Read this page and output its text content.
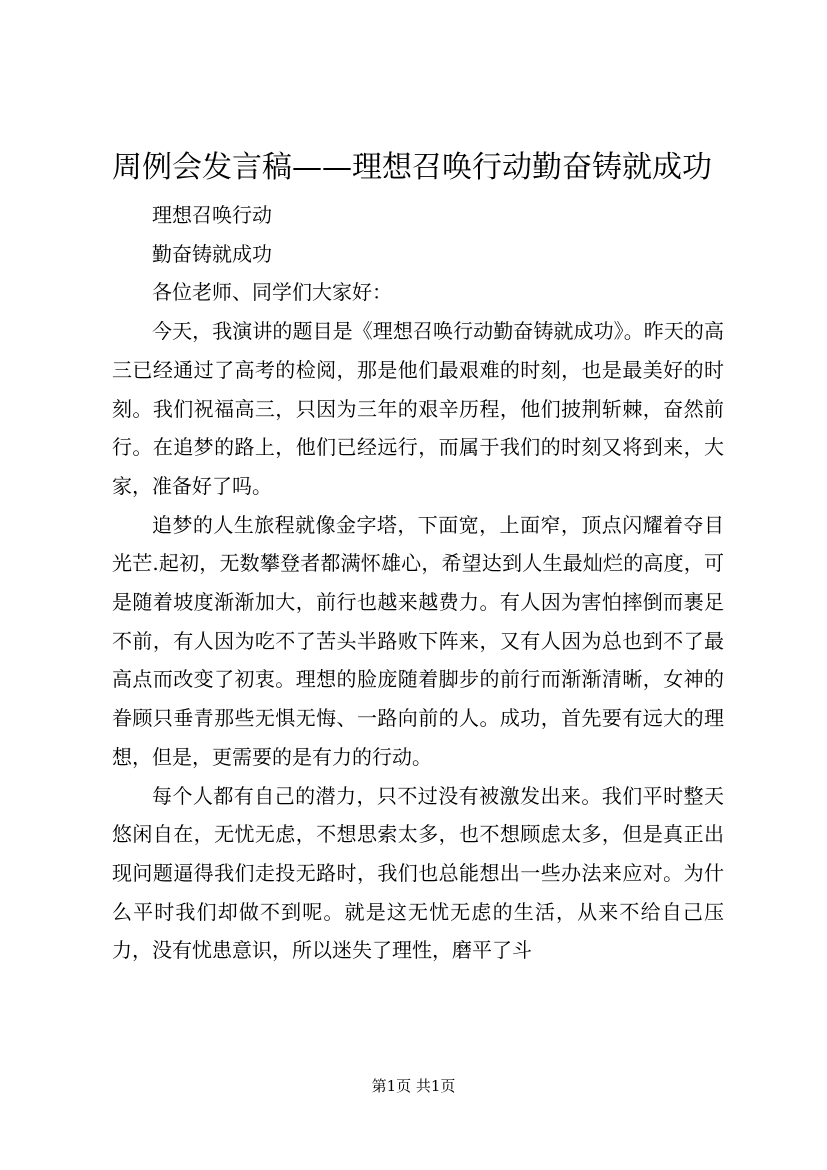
周例会发言稿——理想召唤行动勤奋铸就成功

理想召唤行动

勤奋铸就成功

各位老师、同学们大家好：

今天，我演讲的题目是《理想召唤行动勤奋铸就成功》。昨天的高三已经通过了高考的检阅，那是他们最艰难的时刻，也是最美好的时刻。我们祝福高三，只因为三年的艰辛历程，他们披荆斩棘，奋然前行。在追梦的路上，他们已经远行，而属于我们的时刻又将到来，大家，准备好了吗。

追梦的人生旅程就像金字塔，下面宽，上面窄，顶点闪耀着夺目光芒.起初，无数攀登者都满怀雄心，希望达到人生最灿烂的高度，可是随着坡度渐渐加大，前行也越来越费力。有人因为害怕摔倒而裹足不前，有人因为吃不了苦头半路败下阵来，又有人因为总也到不了最高点而改变了初衷。理想的脸庞随着脚步的前行而渐渐清晰，女神的眷顾只垂青那些无惧无悔、一路向前的人。成功，首先要有远大的理想，但是，更需要的是有力的行动。

每个人都有自己的潜力，只不过没有被激发出来。我们平时整天悠闲自在，无忧无虑，不想思索太多，也不想顾虑太多，但是真正出现问题逼得我们走投无路时，我们也总能想出一些办法来应对。为什么平时我们却做不到呢。就是这无忧无虑的生活，从来不给自己压力，没有忧患意识，所以迷失了理性，磨平了斗

第1页 共1页
